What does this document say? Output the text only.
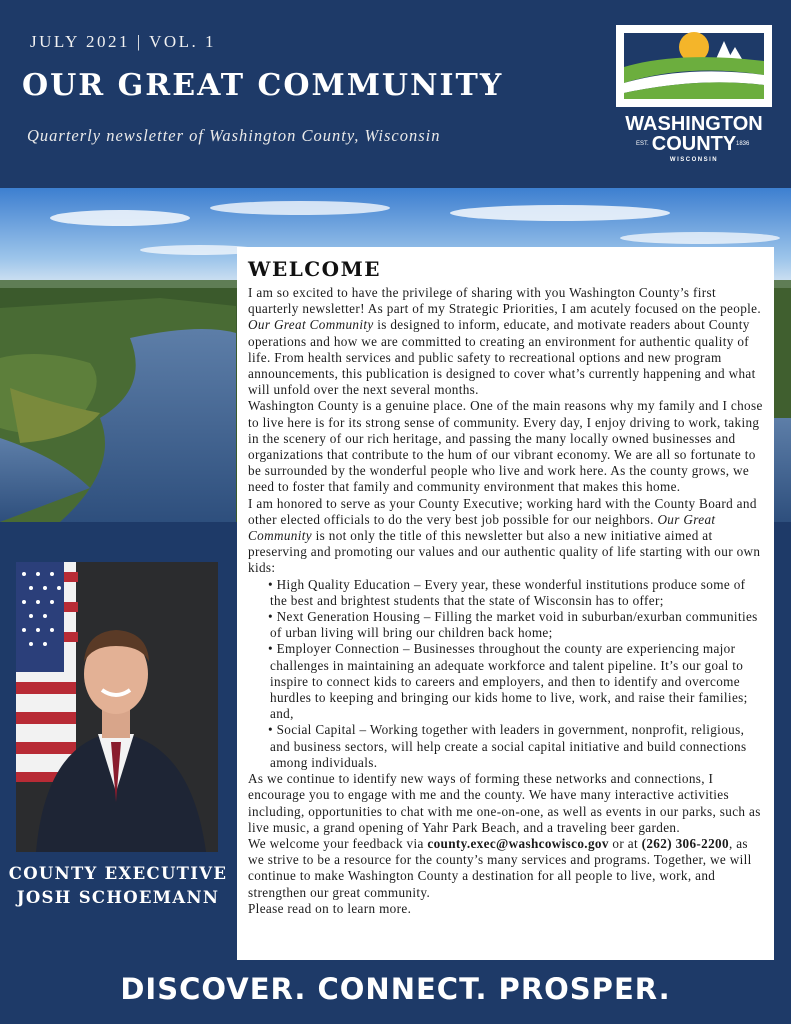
JULY 2021 | VOL. 1
OUR GREAT COMMUNITY
Quarterly newsletter of Washington County, Wisconsin
WASHINGTON
COUNTY
EST.	1836
WISCONSIN
COUNTY EXECUTIVE
JOSH SCHOEMANN
WELCOME

I am so excited to have the privilege of sharing with you Washington County’s first quarterly newsletter! As part of my Strategic Priorities, I am acutely focused on the people. Our Great Community is designed to inform, educate, and motivate readers about County operations and how we are committed to creating an environment for authentic quality of life. From health services and public safety to recreational options and new program announcements, this publication is designed to cover what’s currently happening and what will unfold over the next several months.

Washington County is a genuine place. One of the main reasons why my family and I chose to live here is for its strong sense of community. Every day, I enjoy driving to work, taking in the scenery of our rich heritage, and passing the many locally owned businesses and organizations that contribute to the hum of our vibrant economy. We are all so fortunate to be surrounded by the wonderful people who live and work here. As the county grows, we need to foster that family and community environment that makes this home.

I am honored to serve as your County Executive; working hard with the County Board and other elected officials to do the very best job possible for our neighbors. Our Great Community is not only the title of this newsletter but also a new initiative aimed at preserving and promoting our values and our authentic quality of life starting with our own kids:

• High Quality Education – Every year, these wonderful institutions produce some of the best and brightest students that the state of Wisconsin has to offer;
• Next Generation Housing – Filling the market void in suburban/exurban communities of urban living will bring our children back home;
• Employer Connection – Businesses throughout the county are experiencing major challenges in maintaining an adequate workforce and talent pipeline. It’s our goal to inspire to connect kids to careers and employers, and then to identify and overcome hurdles to keeping and bringing our kids home to live, work, and raise their families; and,
• Social Capital – Working together with leaders in government, nonprofit, religious, and business sectors, will help create a social capital initiative and build connections among individuals.

As we continue to identify new ways of forming these networks and connections, I encourage you to engage with me and the county. We have many interactive activities including, opportunities to chat with me one-on-one, as well as events in our parks, such as live music, a grand opening of Yahr Park Beach, and a traveling beer garden.

We welcome your feedback via county.exec@washcowisco.gov or at (262) 306-2200, as we strive to be a resource for the county’s many services and programs. Together, we will continue to make Washington County a destination for all people to live, work, and strengthen our great community.

Please read on to learn more.

DISCOVER. CONNECT. PROSPER.
